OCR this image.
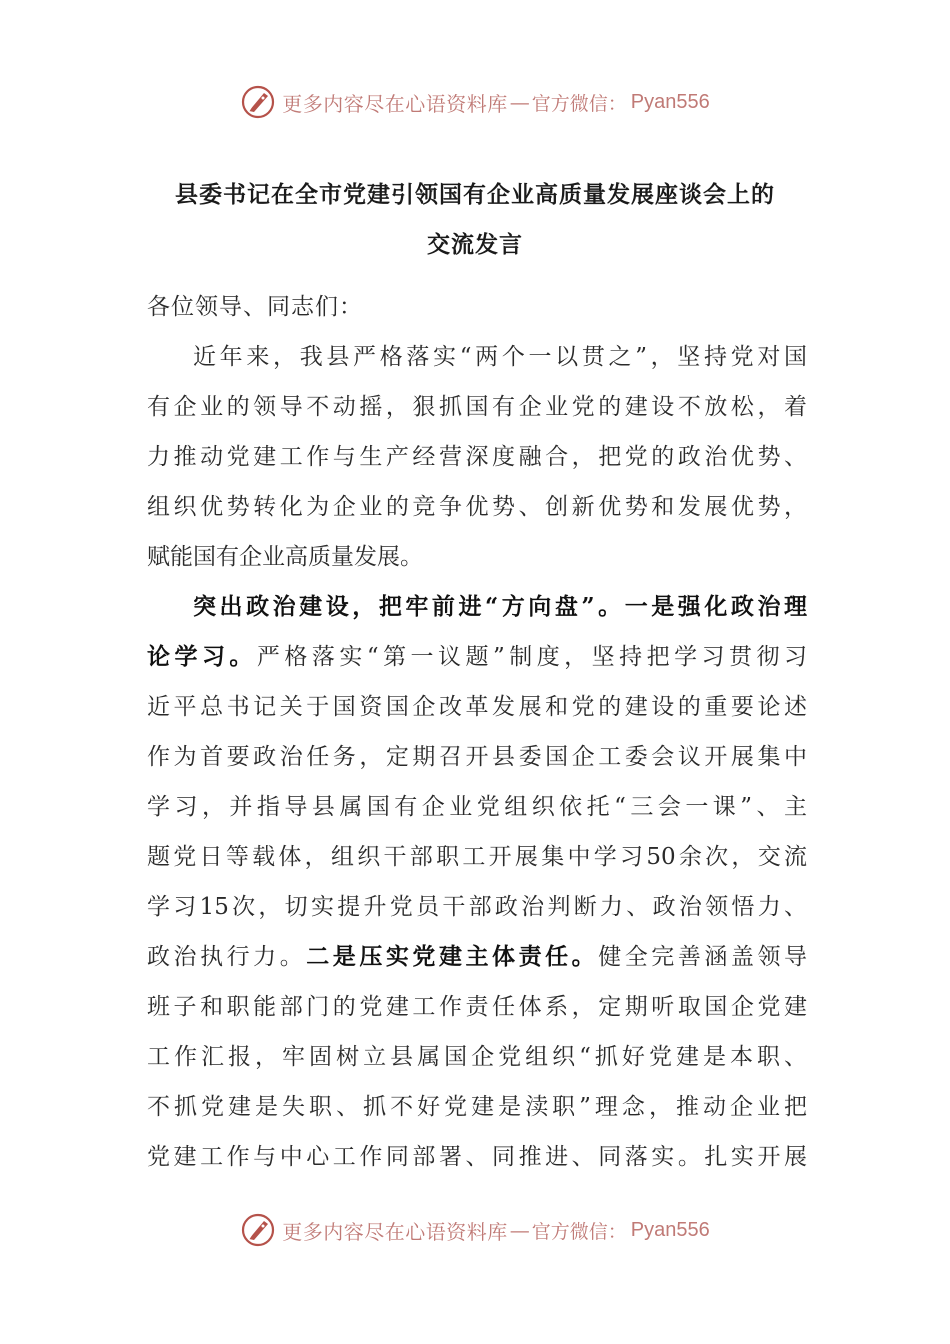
更多内容尽在心语资料库 — 官方微信： Pyan556
县委书记在全市党建引领国有企业高质量发展座谈会上的
交流发言
各位领导、同志们：
近年来，我县严格落实“两个一以贯之”，坚持党对国
有企业的领导不动摇，狠抓国有企业党的建设不放松，着
力推动党建工作与生产经营深度融合，把党的政治优势、
组织优势转化为企业的竞争优势、创新优势和发展优势，
赋能国有企业高质量发展。
突出政治建设，把牢前进“方向盘”。一是强化政治理
论学习。严格落实“第一议题”制度，坚持把学习贯彻习
近平总书记关于国资国企改革发展和党的建设的重要论述
作为首要政治任务，定期召开县委国企工委会议开展集中
学习，并指导县属国有企业党组织依托“三会一课”、主
题党日等载体，组织干部职工开展集中学习50余次，交流
学习15次，切实提升党员干部政治判断力、政治领悟力、
政治执行力。二是压实党建主体责任。健全完善涵盖领导
班子和职能部门的党建工作责任体系，定期听取国企党建
工作汇报，牢固树立县属国企党组织“抓好党建是本职、
不抓党建是失职、抓不好党建是渎职”理念，推动企业把
党建工作与中心工作同部署、同推进、同落实。扎实开展
更多内容尽在心语资料库 — 官方微信： Pyan556
